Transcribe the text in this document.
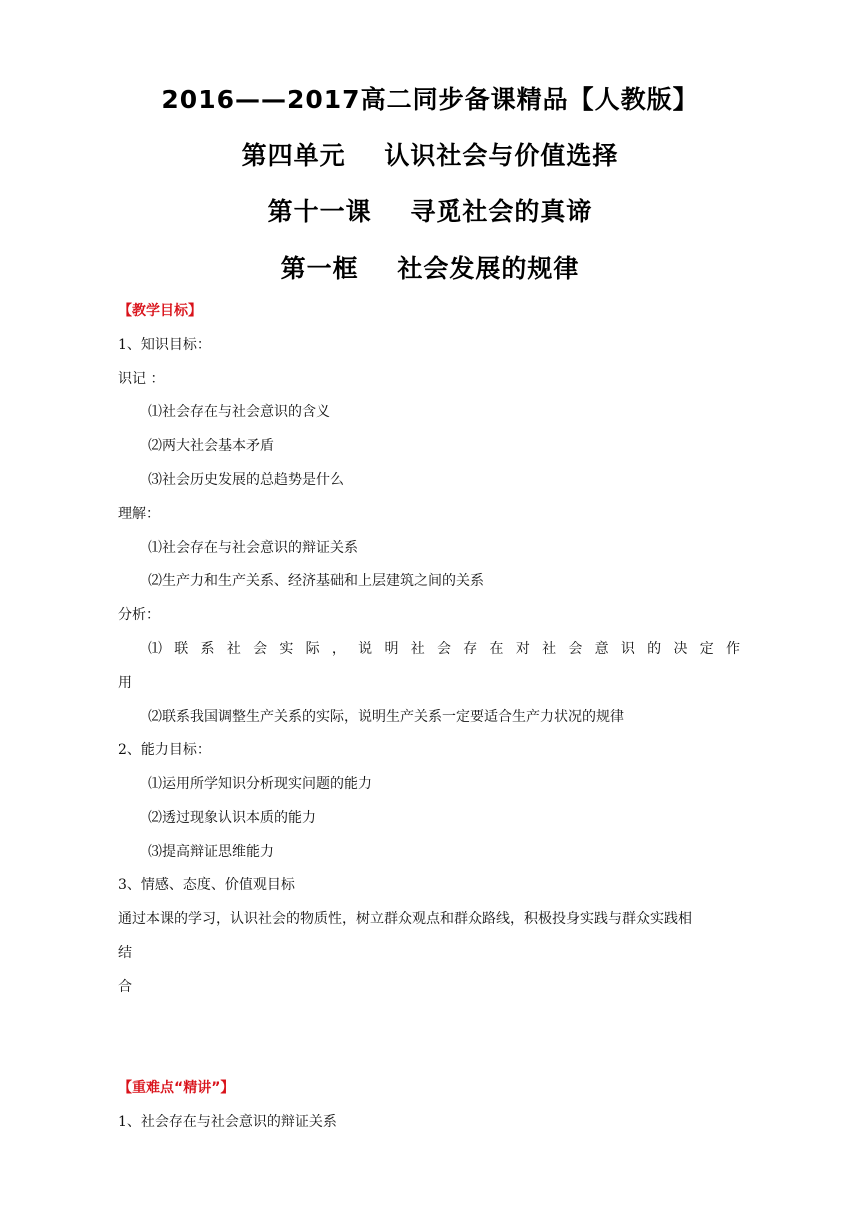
2016——2017高二同步备课精品【人教版】
第四单元    认识社会与价值选择
第十一课    寻觅社会的真谛
第一框    社会发展的规律
【教学目标】
1、知识目标：
识记 ：
⑴社会存在与社会意识的含义
⑵两大社会基本矛盾
⑶社会历史发展的总趋势是什么
理解：
⑴社会存在与社会意识的辩证关系
⑵生产力和生产关系、经济基础和上层建筑之间的关系
分析：
⑴ 联 系 社 会 实 际 ， 说 明 社 会 存 在 对 社 会 意 识 的 决 定 作
用
⑵联系我国调整生产关系的实际，说明生产关系一定要适合生产力状况的规律
2、能力目标：
⑴运用所学知识分析现实问题的能力
⑵透过现象认识本质的能力
⑶提高辩证思维能力
3、情感、态度、价值观目标
通过本课的学习，认识社会的物质性，树立群众观点和群众路线，积极投身实践与群众实践相
结
合
【重难点“精讲”】
1、社会存在与社会意识的辩证关系
